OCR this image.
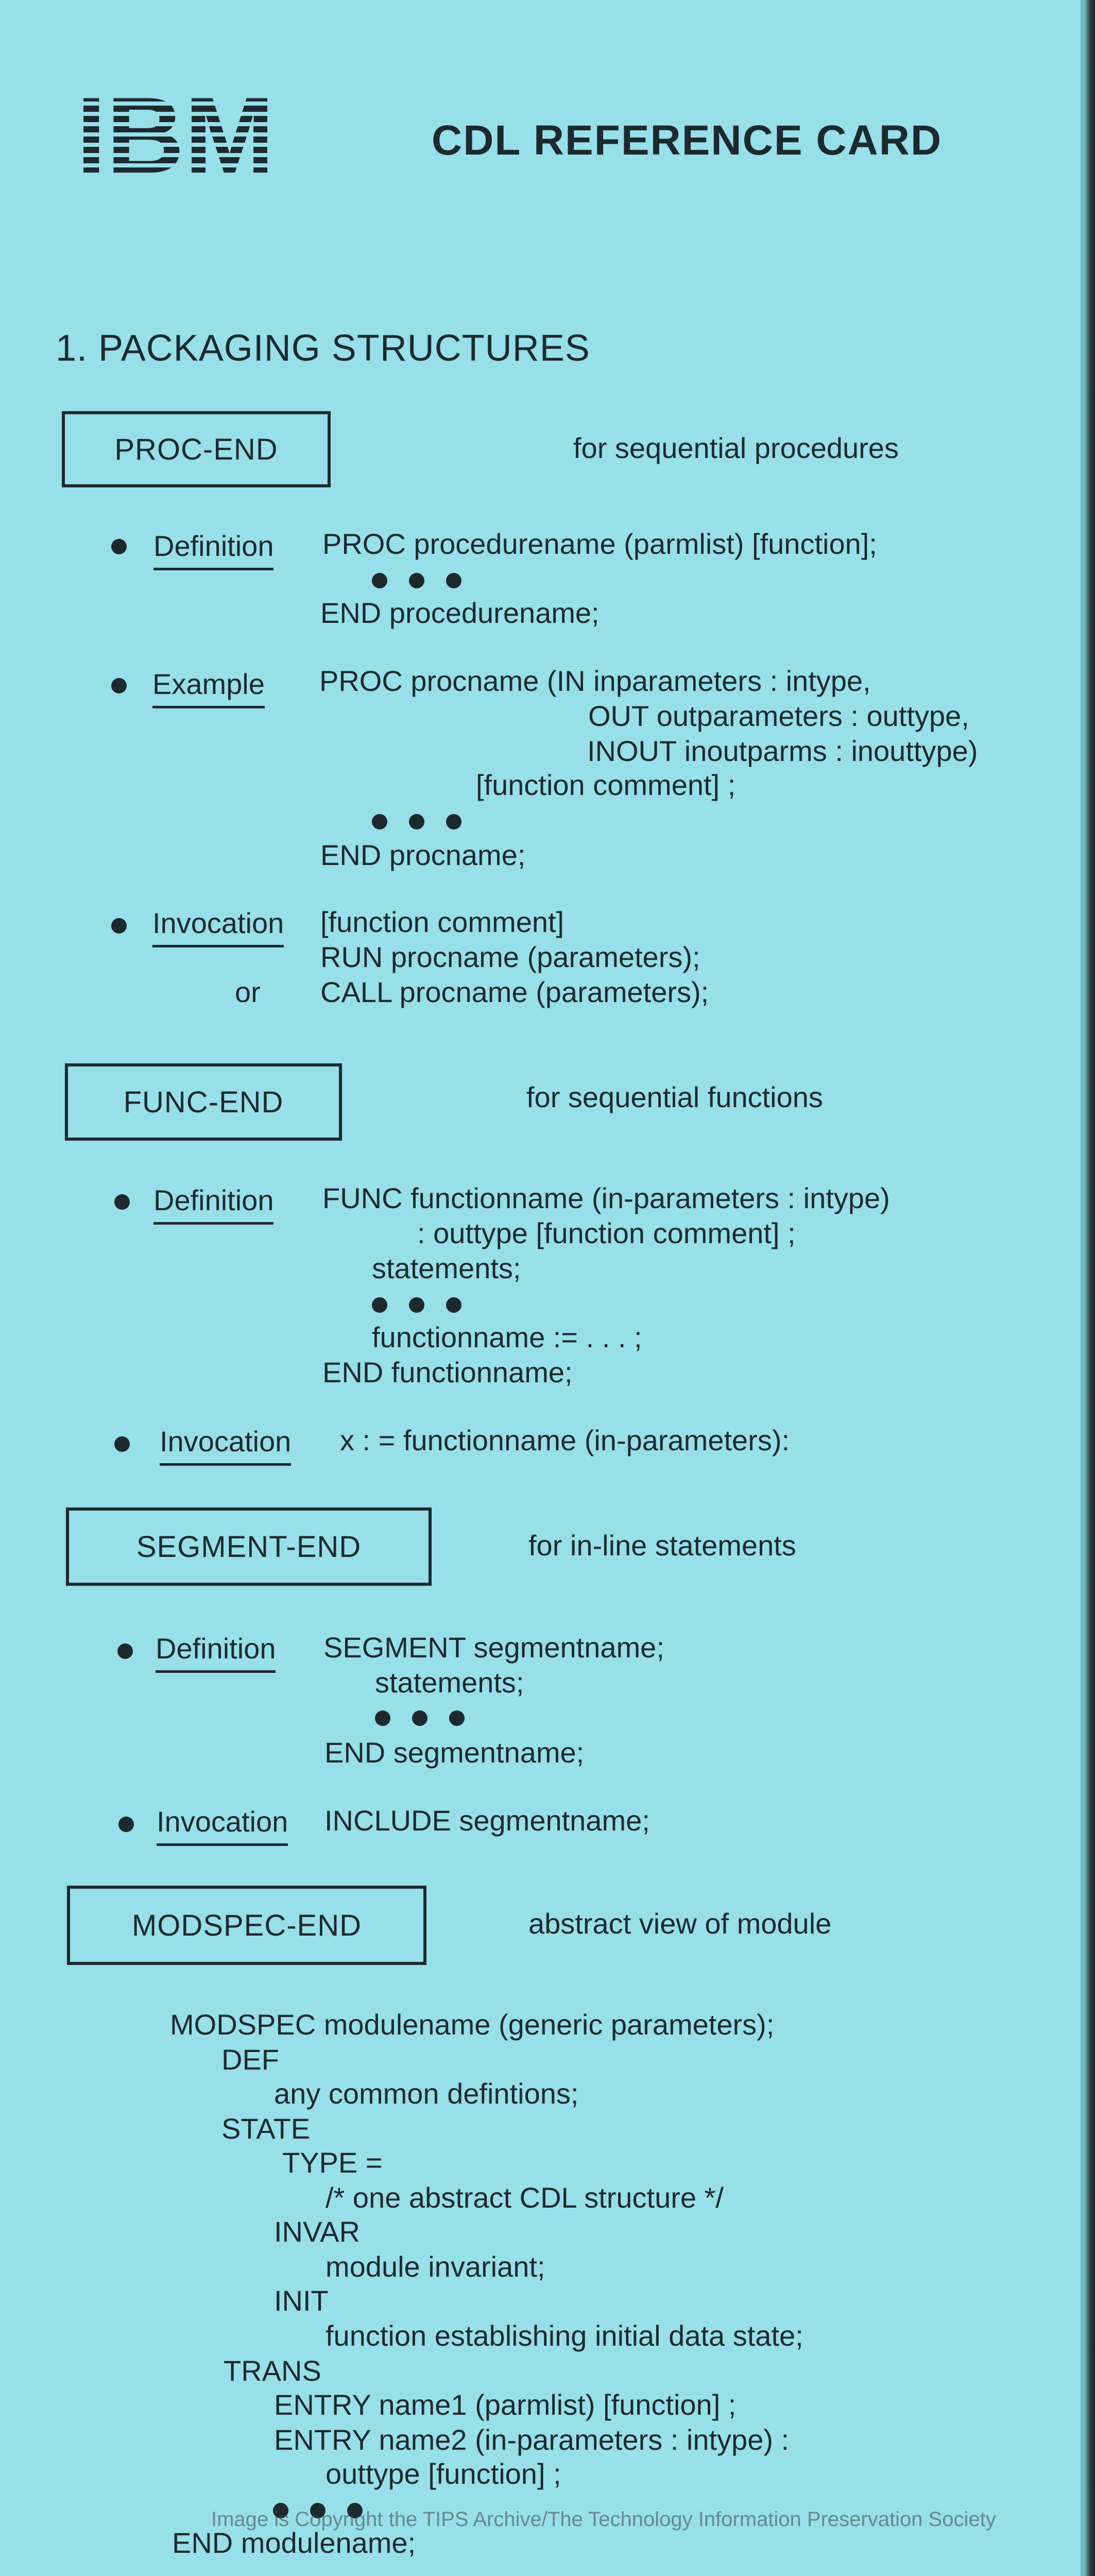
IBM	CDL REFERENCE CARD
1. PACKAGING STRUCTURES
PROC-END	for sequential procedures
Definition PROC procedurename (parmlist) [function];
END procedurename;
Example PROC procname (IN inparameters : intype,
OUT outparameters : outtype,
INOUT inoutparms : inouttype)
[function comment] ;
END procname;
Invocation [function comment]
RUN procname (parameters);
or CALL procname (parameters);
FUNC-END	for sequential functions
Definition FUNC functionname (in-parameters : intype)
: outtype [function comment] ;
statements;
functionname := . . . ;
END functionname;
Invocation x : = functionname (in-parameters):
SEGMENT-END	for in-line statements
Definition SEGMENT segmentname;
statements;
END segmentname;
Invocation INCLUDE segmentname;
MODSPEC-END	abstract view of module
MODSPEC modulename (generic parameters);
DEF
any common defintions;
STATE
TYPE =
/* one abstract CDL structure */
INVAR
module invariant;
INIT
function establishing initial data state;
TRANS
ENTRY name1 (parmlist) [function] ;
ENTRY name2 (in-parameters : intype) :
outtype [function] ;
END modulename;
Image is Copyright the TIPS Archive/The Technology Information Preservation Society
